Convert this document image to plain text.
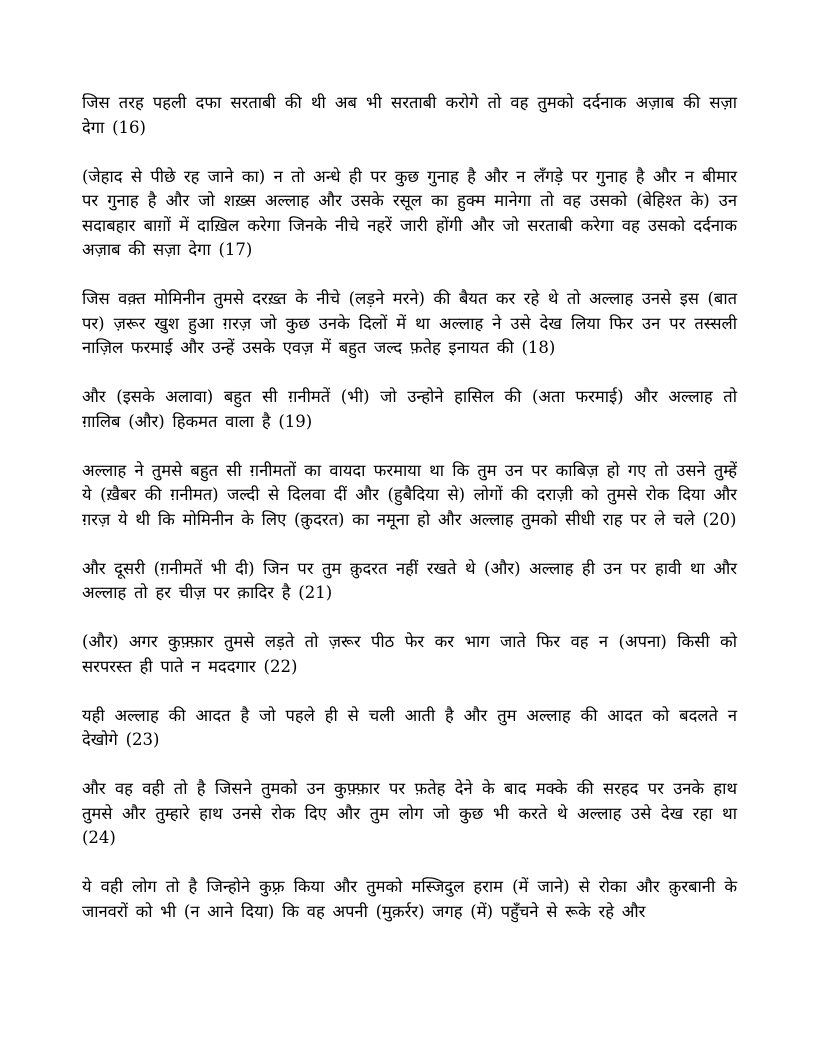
जिस तरह पहली दफा सरताबी की थी अब भी सरताबी करोगे तो वह तुमको दर्दनाक अज़ाब की सज़ा देगा (16)

(जेहाद से पीछे रह जाने का) न तो अन्धे ही पर कुछ गुनाह है और न लँगड़े पर गुनाह है और न बीमार पर गुनाह है और जो शख़्स अल्लाह और उसके रसूल का हुक्म मानेगा तो वह उसको (बेहिश्त के) उन सदाबहार बाग़ों में दाख़िल करेगा जिनके नीचे नहरें जारी होंगी और जो सरताबी करेगा वह उसको दर्दनाक अज़ाब की सज़ा देगा (17)

जिस वक़्त मोमिनीन तुमसे दरख़्त के नीचे (लड़ने मरने) की बैयत कर रहे थे तो अल्लाह उनसे इस (बात पर) ज़रूर खुश हुआ ग़रज़ जो कुछ उनके दिलों में था अल्लाह ने उसे देख लिया फिर उन पर तस्सली नाज़िल फरमाई और उन्हें उसके एवज़ में बहुत जल्द फ़तेह इनायत की (18)

और (इसके अलावा) बहुत सी ग़नीमतें (भी) जो उन्होने हासिल की (अता फरमाई) और अल्लाह तो ग़ालिब (और) हिकमत वाला है (19)

अल्लाह ने तुमसे बहुत सी ग़नीमतों का वायदा फरमाया था कि तुम उन पर काबिज़ हो गए तो उसने तुम्हें ये (ख़ैबर की ग़नीमत) जल्दी से दिलवा दीं और (हुबैदिया से) लोगों की दराज़ी को तुमसे रोक दिया और ग़रज़ ये थी कि मोमिनीन के लिए (क़ुदरत) का नमूना हो और अल्लाह तुमको सीधी राह पर ले चले (20)

और दूसरी (ग़नीमतें भी दी) जिन पर तुम क़ुदरत नहीं रखते थे (और) अल्लाह ही उन पर हावी था और अल्लाह तो हर चीज़ पर क़ादिर है (21)

(और) अगर कुफ़्फ़ार तुमसे लड़ते तो ज़रूर पीठ फेर कर भाग जाते फिर वह न (अपना) किसी को सरपरस्त ही पाते न मददगार (22)

यही अल्लाह की आदत है जो पहले ही से चली आती है और तुम अल्लाह की आदत को बदलते न देखोगे (23)

और वह वही तो है जिसने तुमको उन कुफ़्फ़ार पर फ़तेह देने के बाद मक्के की सरहद पर उनके हाथ तुमसे और तुम्हारे हाथ उनसे रोक दिए और तुम लोग जो कुछ भी करते थे अल्लाह उसे देख रहा था (24)

ये वही लोग तो है जिन्होने कुफ़्र किया और तुमको मस्जिदुल हराम (में जाने) से रोका और क़ुरबानी के जानवरों को भी (न आने दिया) कि वह अपनी (मुक़र्रर) जगह (में) पहुँचने से रूके रहे और
